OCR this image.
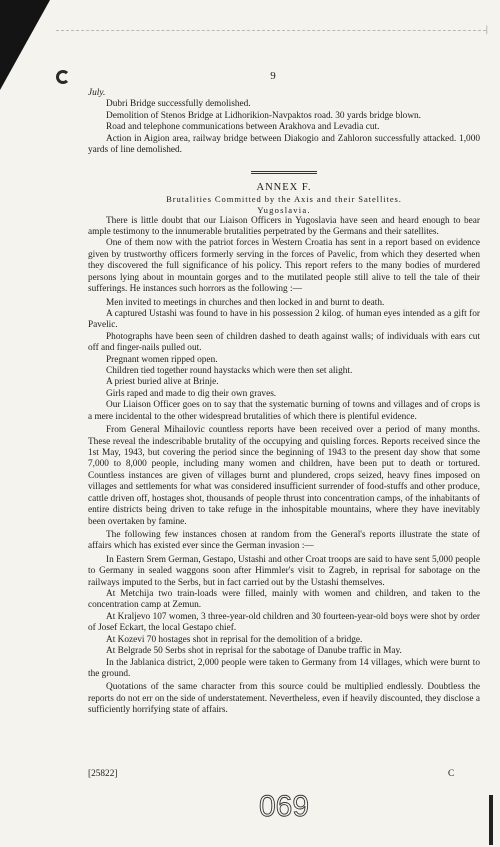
|
9

July.

Dubri Bridge successfully demolished.

Demolition of Stenos Bridge at Lidhorikion-Navpaktos road. 30 yards bridge blown.

Road and telephone communications between Arakhova and Levadia cut.

Action in Aigion area, railway bridge between Diakogio and Zahloron successfully attacked. 1,000 yards of line demolished.

ANNEX F.

Brutalities Committed by the Axis and their Satellites.

Yugoslavia.

There is little doubt that our Liaison Officers in Yugoslavia have seen and heard enough to bear ample testimony to the innumerable brutalities perpetrated by the Germans and their satellites.

One of them now with the patriot forces in Western Croatia has sent in a report based on evidence given by trustworthy officers formerly serving in the forces of Pavelic, from which they deserted when they discovered the full significance of his policy. This report refers to the many bodies of murdered persons lying about in mountain gorges and to the mutilated people still alive to tell the tale of their sufferings. He instances such horrors as the following :—

Men invited to meetings in churches and then locked in and burnt to death.

A captured Ustashi was found to have in his possession 2 kilog. of human eyes intended as a gift for Pavelic.

Photographs have been seen of children dashed to death against walls; of individuals with ears cut off and finger-nails pulled out.

Pregnant women ripped open.

Children tied together round haystacks which were then set alight.

A priest buried alive at Brinje.

Girls raped and made to dig their own graves.

Our Liaison Officer goes on to say that the systematic burning of towns and villages and of crops is a mere incidental to the other widespread brutalities of which there is plentiful evidence.

From General Mihailovic countless reports have been received over a period of many months. These reveal the indescribable brutality of the occupying and quisling forces. Reports received since the 1st May, 1943, but covering the period since the beginning of 1943 to the present day show that some 7,000 to 8,000 people, including many women and children, have been put to death or tortured. Countless instances are given of villages burnt and plundered, crops seized, heavy fines imposed on villages and settlements for what was considered insufficient surrender of food-stuffs and other produce, cattle driven off, hostages shot, thousands of people thrust into concentration camps, of the inhabitants of entire districts being driven to take refuge in the inhospitable mountains, where they have inevitably been overtaken by famine.

The following few instances chosen at random from the General's reports illustrate the state of affairs which has existed ever since the German invasion :—

In Eastern Srem German, Gestapo, Ustashi and other Croat troops are said to have sent 5,000 people to Germany in sealed waggons soon after Himmler's visit to Zagreb, in reprisal for sabotage on the railways imputed to the Serbs, but in fact carried out by the Ustashi themselves.

At Metchija two train-loads were filled, mainly with women and children, and taken to the concentration camp at Zemun.

At Kraljevo 107 women, 3 three-year-old children and 30 fourteen-year-old boys were shot by order of Josef Eckart, the local Gestapo chief.

At Kozevi 70 hostages shot in reprisal for the demolition of a bridge.

At Belgrade 50 Serbs shot in reprisal for the sabotage of Danube traffic in May.

In the Jablanica district, 2,000 people were taken to Germany from 14 villages, which were burnt to the ground.

Quotations of the same character from this source could be multiplied endlessly. Doubtless the reports do not err on the side of understatement. Nevertheless, even if heavily discounted, they disclose a sufficiently horrifying state of affairs.

[25822]	C
069
